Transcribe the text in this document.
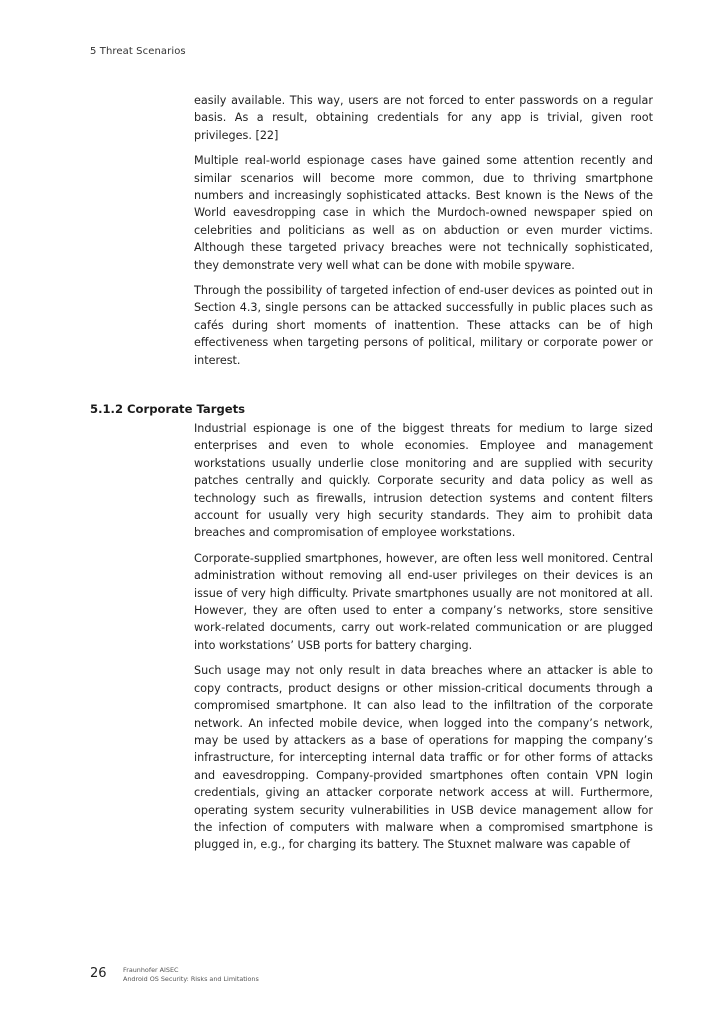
5 Threat Scenarios

easily available. This way, users are not forced to enter passwords on a regular basis. As a result, obtaining credentials for any app is trivial, given root privileges. [22]

Multiple real-world espionage cases have gained some attention recently and similar scenarios will become more common, due to thriving smartphone numbers and increasingly sophisticated attacks. Best known is the News of the World eavesdropping case in which the Murdoch-owned newspaper spied on celebrities and politicians as well as on abduction or even murder victims. Although these targeted privacy breaches were not technically sophisticated, they demonstrate very well what can be done with mobile spyware.

Through the possibility of targeted infection of end-user devices as pointed out in Section 4.3, single persons can be attacked successfully in public places such as cafés during short moments of inattention. These attacks can be of high effectiveness when targeting persons of political, military or corporate power or interest.

5.1.2 Corporate Targets

Industrial espionage is one of the biggest threats for medium to large sized enterprises and even to whole economies. Employee and management workstations usually underlie close monitoring and are supplied with security patches centrally and quickly. Corporate security and data policy as well as technology such as firewalls, intrusion detection systems and content filters account for usually very high security standards. They aim to prohibit data breaches and compromisation of employee workstations.

Corporate-supplied smartphones, however, are often less well monitored. Central administration without removing all end-user privileges on their devices is an issue of very high difficulty. Private smartphones usually are not monitored at all. However, they are often used to enter a company’s networks, store sensitive work-related documents, carry out work-related communication or are plugged into workstations’ USB ports for battery charging.

Such usage may not only result in data breaches where an attacker is able to copy contracts, product designs or other mission-critical documents through a compromised smartphone. It can also lead to the infiltration of the corporate network. An infected mobile device, when logged into the company’s network, may be used by attackers as a base of operations for mapping the company’s infrastructure, for intercepting internal data traffic or for other forms of attacks and eavesdropping. Company-provided smartphones often contain VPN login credentials, giving an attacker corporate network access at will. Furthermore, operating system security vulnerabilities in USB device management allow for the infection of computers with malware when a compromised smartphone is plugged in, e.g., for charging its battery. The Stuxnet malware was capable of

26	Fraunhofer AISEC
Android OS Security: Risks and Limitations
